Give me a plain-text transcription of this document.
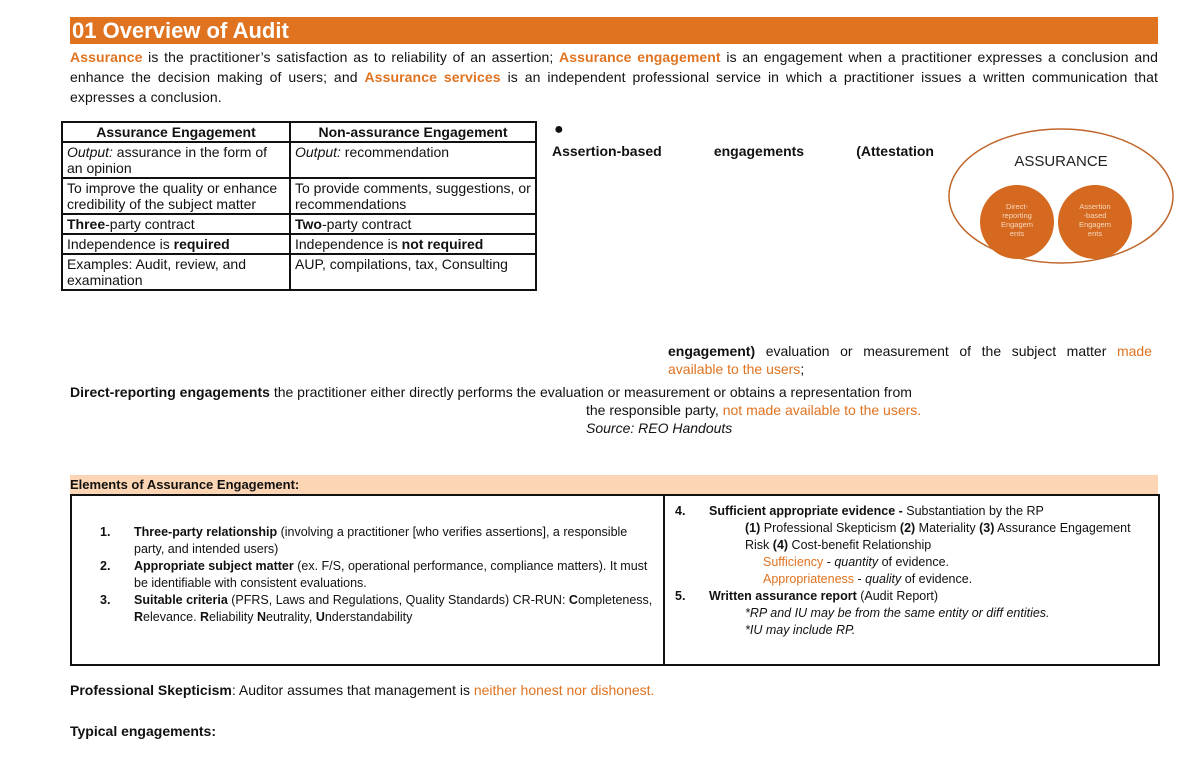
01 Overview of Audit
Assurance is the practitioner’s satisfaction as to reliability of an assertion; Assurance engagement is an engagement when a practitioner expresses a conclusion and enhance the decision making of users; and Assurance services is an independent professional service in which a practitioner issues a written communication that expresses a conclusion.
Assurance Engagement	Non-assurance Engagement
Output: assurance in the form of an opinion	Output: recommendation
To improve the quality or enhance credibility of the subject matter	To provide comments, suggestions, or recommendations
Three-party contract	Two-party contract
Independence is required	Independence is not required
Examples: Audit, review, and examination	AUP, compilations, tax, Consulting
●
Assertion-based	engagements	(Attestation
ASSURANCE
Direct-
reporting
Engagem
ents
Assertion
-based
Engagem
ents
engagement) evaluation or measurement of the subject matter made available to the users;
Direct-reporting engagements the practitioner either directly performs the evaluation or measurement or obtains a representation from
the responsible party, not made available to the users.
Source: REO Handouts
Elements of Assurance Engagement:
1.	Three-party relationship (involving a practitioner [who verifies assertions], a responsible party, and intended users)
2.	Appropriate subject matter (ex. F/S, operational performance, compliance matters). It must be identifiable with consistent evaluations.
3.	Suitable criteria (PFRS, Laws and Regulations, Quality Standards) CR-RUN: Completeness, Relevance. Reliability Neutrality, Understandability
4.	Sufficient appropriate evidence - Substantiation by the RP
(1) Professional Skepticism (2) Materiality (3) Assurance Engagement Risk (4) Cost-benefit Relationship
Sufficiency - quantity of evidence.
Appropriateness - quality of evidence.
5.	Written assurance report (Audit Report)
*RP and IU may be from the same entity or diff entities.
*IU may include RP.
Professional Skepticism: Auditor assumes that management is neither honest nor dishonest.
Typical engagements:
